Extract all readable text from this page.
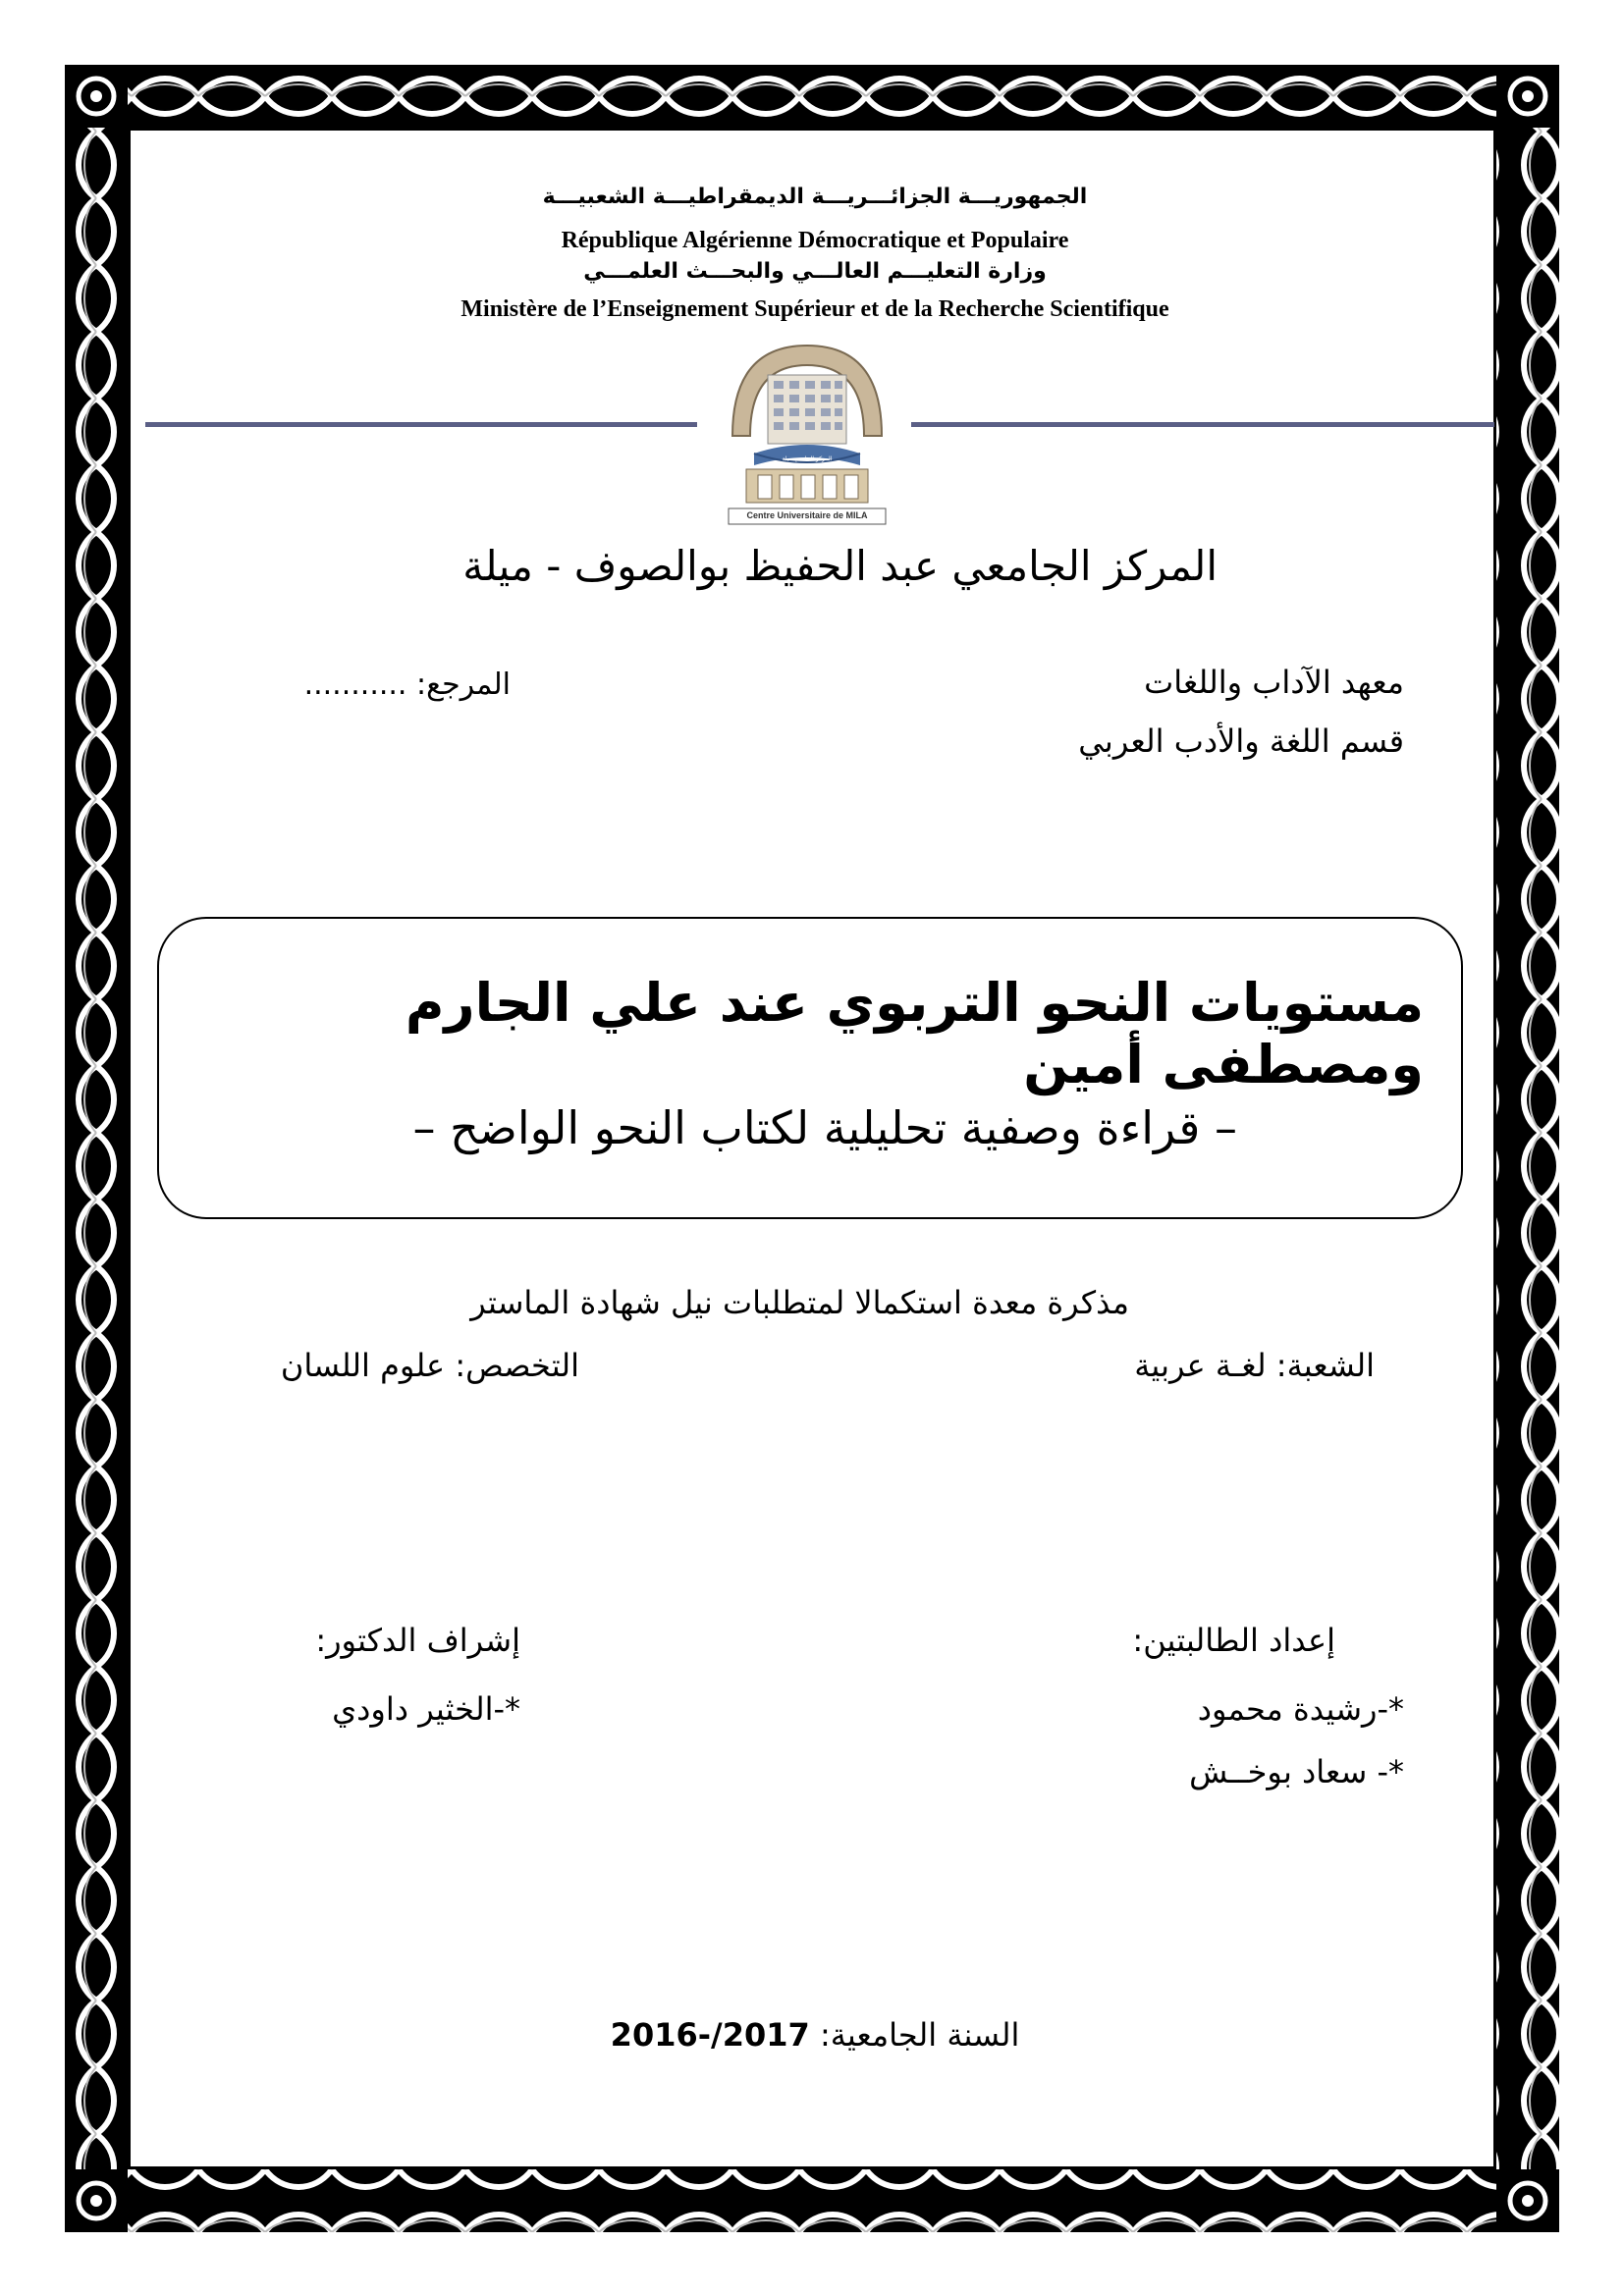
الجمهوريـــة الجزائـــريـــة الديمقراطيـــة الشعبيـــة
République Algérienne Démocratique et Populaire
وزارة التعليـــم العالـــي والبحـــث العلمـــي
Ministère de l’Enseignement Supérieur et de la Recherche Scientifique
المركز الجامعي ميلة
Centre Universitaire de MILA
المركز الجامعي عبد الحفيظ بوالصوف - ميلة
معهد الآداب واللغات
قسم اللغة والأدب العربي
المرجع: ...........
مستويات النحو التربوي عند علي الجارم ومصطفى أمين
– قراءة وصفية تحليلية لكتاب النحو الواضح –
مذكرة معدة استكمالا لمتطلبات نيل شهادة الماستر
الشعبة: لغـة عربية
التخصص: علوم اللسان
إعداد الطالبتين:
*-رشيدة محمود
*- سعاد بوخــش
إشراف الدكتور:
*-الخثير داودي
السنة الجامعية: 2016-/2017
